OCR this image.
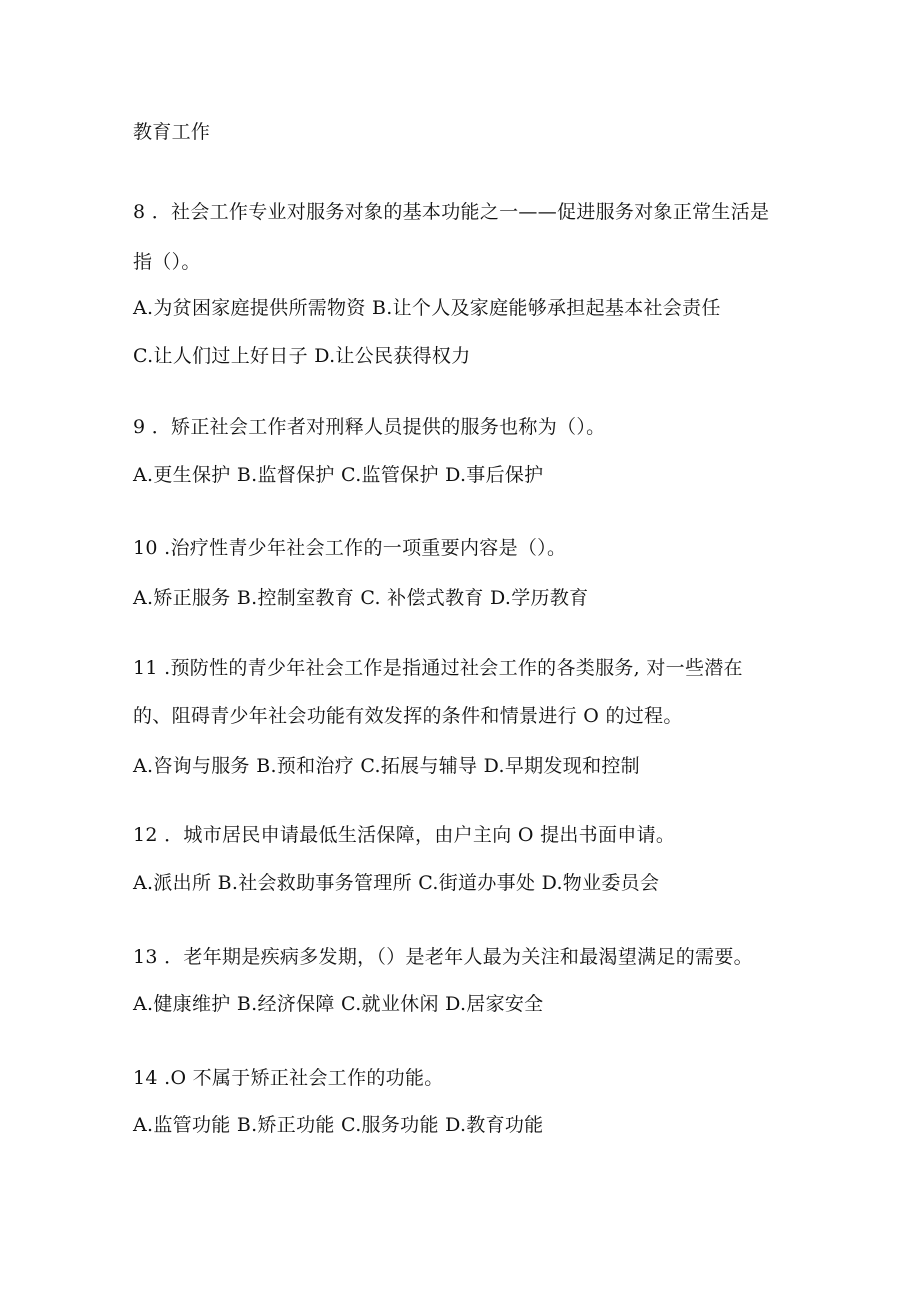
教育工作
8 ．社会工作专业对服务对象的基本功能之一——促进服务对象正常生活是
指（）。
A.为贫困家庭提供所需物资 B.让个人及家庭能够承担起基本社会责任
C.让人们过上好日子 D.让公民获得权力
9 ．矫正社会工作者对刑释人员提供的服务也称为（）。
A.更生保护 B.监督保护 C.监管保护 D.事后保护
10 .治疗性青少年社会工作的一项重要内容是（）。
A.矫正服务 B.控制室教育 C. 补偿式教育 D.学历教育
11 .预防性的青少年社会工作是指通过社会工作的各类服务, 对一些潜在
的、阻碍青少年社会功能有效发挥的条件和情景进行 O 的过程。
A.咨询与服务 B.预和治疗 C.拓展与辅导 D.早期发现和控制
12 ．城市居民申请最低生活保障，由户主向 O 提出书面申请。
A.派出所 B.社会救助事务管理所 C.街道办事处 D.物业委员会
13 ．老年期是疾病多发期，（）是老年人最为关注和最渴望满足的需要。
A.健康维护 B.经济保障 C.就业休闲 D.居家安全
14 .O 不属于矫正社会工作的功能。
A.监管功能 B.矫正功能 C.服务功能 D.教育功能
